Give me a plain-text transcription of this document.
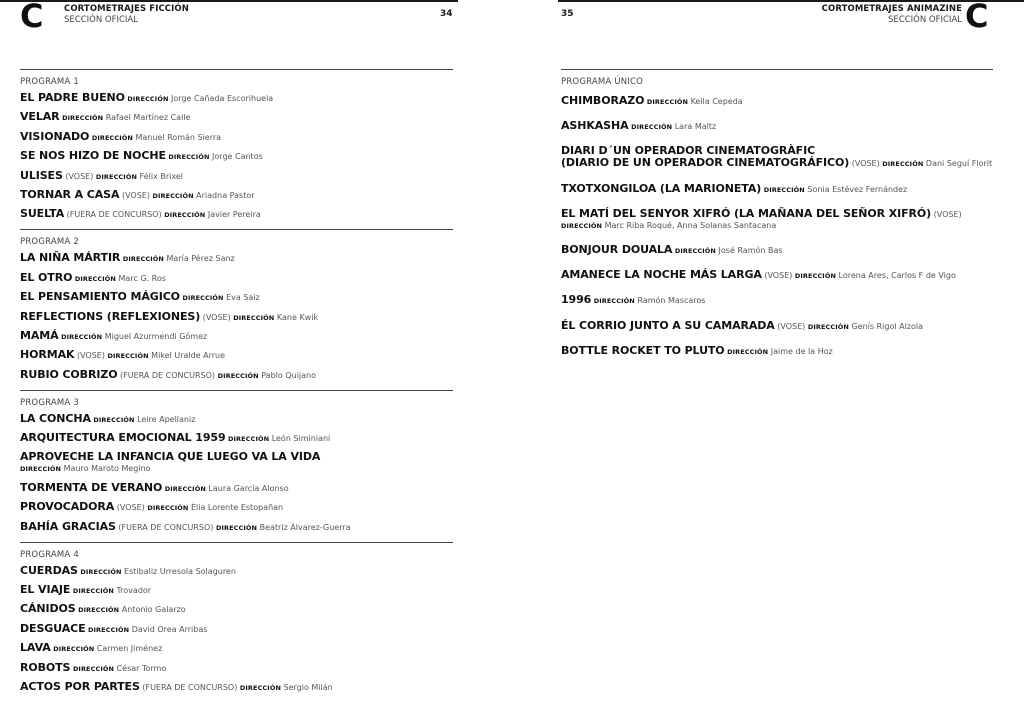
C	CORTOMETRAJES FICCIÓN
SECCIÓN OFICIAL
34	35	CORTOMETRAJES ANIMAZINE
SECCIÓN OFICIAL C
PROGRAMA 1
EL PADRE BUENO DIRECCIÓN Jorge Cañada Escorihuela
VELAR DIRECCIÓN Rafael Martínez Calle
VISIONADO DIRECCIÓN Manuel Román Sierra
SE NOS HIZO DE NOCHE DIRECCIÓN Jorge Cantos
ULISES (VOSE) DIRECCIÓN Félix Brixel
TORNAR A CASA (VOSE) DIRECCIÓN Ariadna Pastor
SUELTA (FUERA DE CONCURSO) DIRECCIÓN Javier Pereira
PROGRAMA 2
LA NIÑA MÁRTIR DIRECCIÓN María Pérez Sanz
EL OTRO DIRECCIÓN Marc G. Ros
EL PENSAMIENTO MÁGICO DIRECCIÓN Eva Saiz
REFLECTIONS (REFLEXIONES) (VOSE) DIRECCIÓN Kane Kwik
MAMÁ DIRECCIÓN Miguel Azurmendi Gómez
HORMAK (VOSE) DIRECCIÓN Mikel Uralde Arrue
RUBIO COBRIZO (FUERA DE CONCURSO) DIRECCIÓN Pablo Quijano
PROGRAMA 3
LA CONCHA DIRECCIÓN Leire Apellaniz
ARQUITECTURA EMOCIONAL 1959 DIRECCIÓN León Siminiani
APROVECHE LA INFANCIA QUE LUEGO VA LA VIDA
DIRECCIÓN Mauro Maroto Megino
TORMENTA DE VERANO DIRECCIÓN Laura García Alonso
PROVOCADORA (VOSE) DIRECCIÓN Èlia Lorente Estopañan
BAHÍA GRACIAS (FUERA DE CONCURSO) DIRECCIÓN Beatriz Álvarez-Guerra
PROGRAMA 4
CUERDAS DIRECCIÓN Estibaliz Urresola Solaguren
EL VIAJE DIRECCIÓN Trovador
CÁNIDOS DIRECCIÓN Antonio Galarzo
DESGUACE DIRECCIÓN David Orea Arribas
LAVA DIRECCIÓN Carmen Jiménez
ROBOTS DIRECCIÓN César Tormo
ACTOS POR PARTES (FUERA DE CONCURSO) DIRECCIÓN Sergio Milán
PROGRAMA ÚNICO
CHIMBORAZO DIRECCIÓN Keila Cepeda
ASHKASHA DIRECCIÓN Lara Maltz
DIARI D´UN OPERADOR CINEMATOGRÀFIC
(DIARIO DE UN OPERADOR CINEMATOGRÁFICO) (VOSE) DIRECCIÓN Dani Seguí Florit
TXOTXONGILOA (LA MARIONETA) DIRECCIÓN Sonia Estévez Fernández
EL MATÍ DEL SENYOR XIFRÓ (LA MAÑANA DEL SEÑOR XIFRÓ) (VOSE)
DIRECCIÓN Marc Riba Roqué, Anna Solanas Santacana
BONJOUR DOUALA DIRECCIÓN José Ramón Bas
AMANECE LA NOCHE MÁS LARGA (VOSE) DIRECCIÓN Lorena Ares, Carlos F de Vigo
1996 DIRECCIÓN Ramón Mascaros
ÉL CORRIO JUNTO A SU CAMARADA (VOSE) DIRECCIÓN Genís Rigol Alzola
BOTTLE ROCKET TO PLUTO DIRECCIÓN Jaime de la Hoz
